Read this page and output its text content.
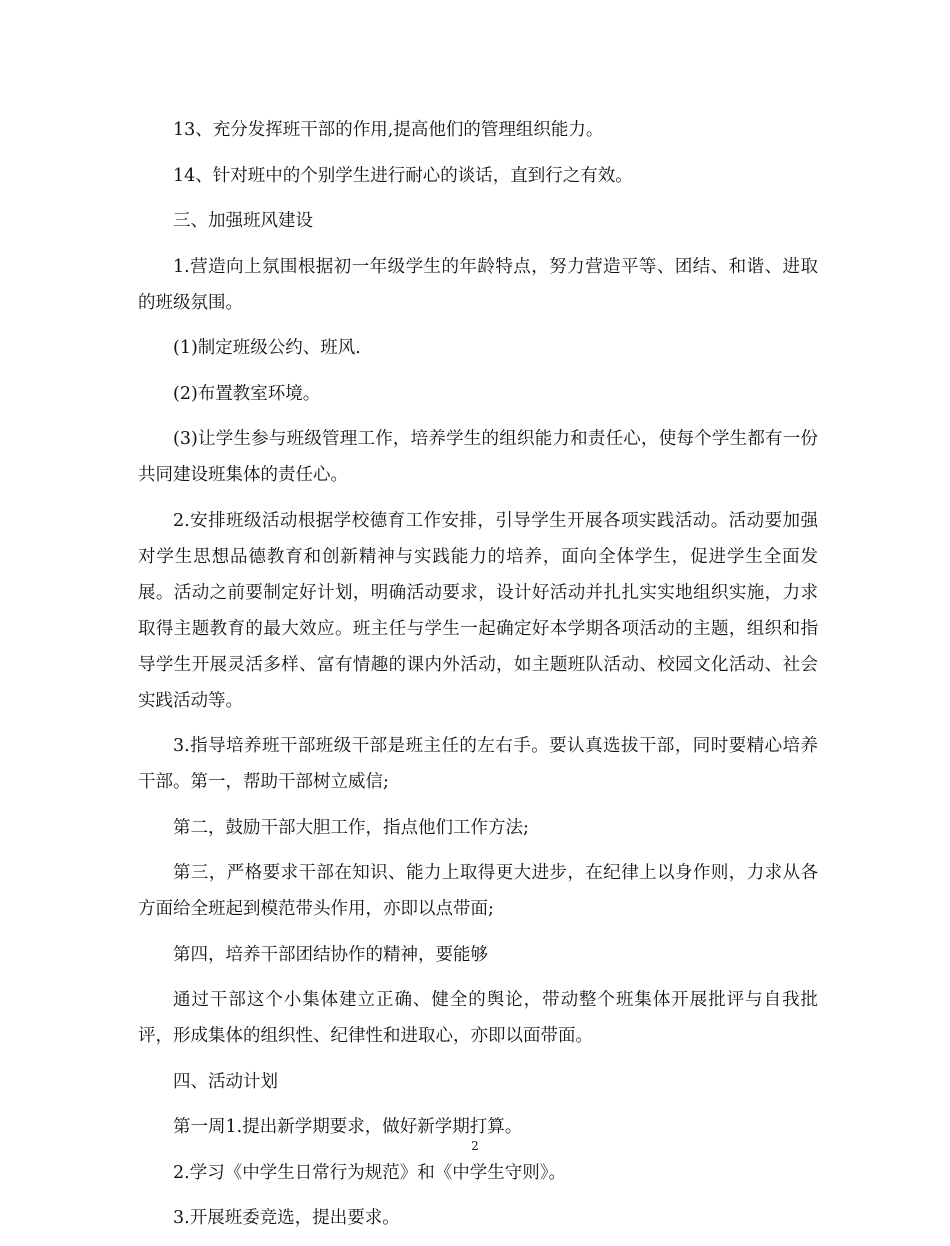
13、充分发挥班干部的作用,提高他们的管理组织能力。

14、针对班中的个别学生进行耐心的谈话，直到行之有效。

三、加强班风建设

1.营造向上氛围根据初一年级学生的年龄特点，努力营造平等、团结、和谐、进取的班级氛围。

(1)制定班级公约、班风.

(2)布置教室环境。

(3)让学生参与班级管理工作，培养学生的组织能力和责任心，使每个学生都有一份共同建设班集体的责任心。

2.安排班级活动根据学校德育工作安排，引导学生开展各项实践活动。活动要加强对学生思想品德教育和创新精神与实践能力的培养，面向全体学生，促进学生全面发展。活动之前要制定好计划，明确活动要求，设计好活动并扎扎实实地组织实施，力求取得主题教育的最大效应。班主任与学生一起确定好本学期各项活动的主题，组织和指导学生开展灵活多样、富有情趣的课内外活动，如主题班队活动、校园文化活动、社会实践活动等。

3.指导培养班干部班级干部是班主任的左右手。要认真选拔干部，同时要精心培养干部。第一，帮助干部树立威信;

第二，鼓励干部大胆工作，指点他们工作方法;

第三，严格要求干部在知识、能力上取得更大进步，在纪律上以身作则，力求从各方面给全班起到模范带头作用，亦即以点带面;

第四，培养干部团结协作的精神，要能够

通过干部这个小集体建立正确、健全的舆论，带动整个班集体开展批评与自我批评，形成集体的组织性、纪律性和进取心，亦即以面带面。

四、活动计划

第一周1.提出新学期要求，做好新学期打算。

2.学习《中学生日常行为规范》和《中学生守则》。

3.开展班委竞选，提出要求。

2
